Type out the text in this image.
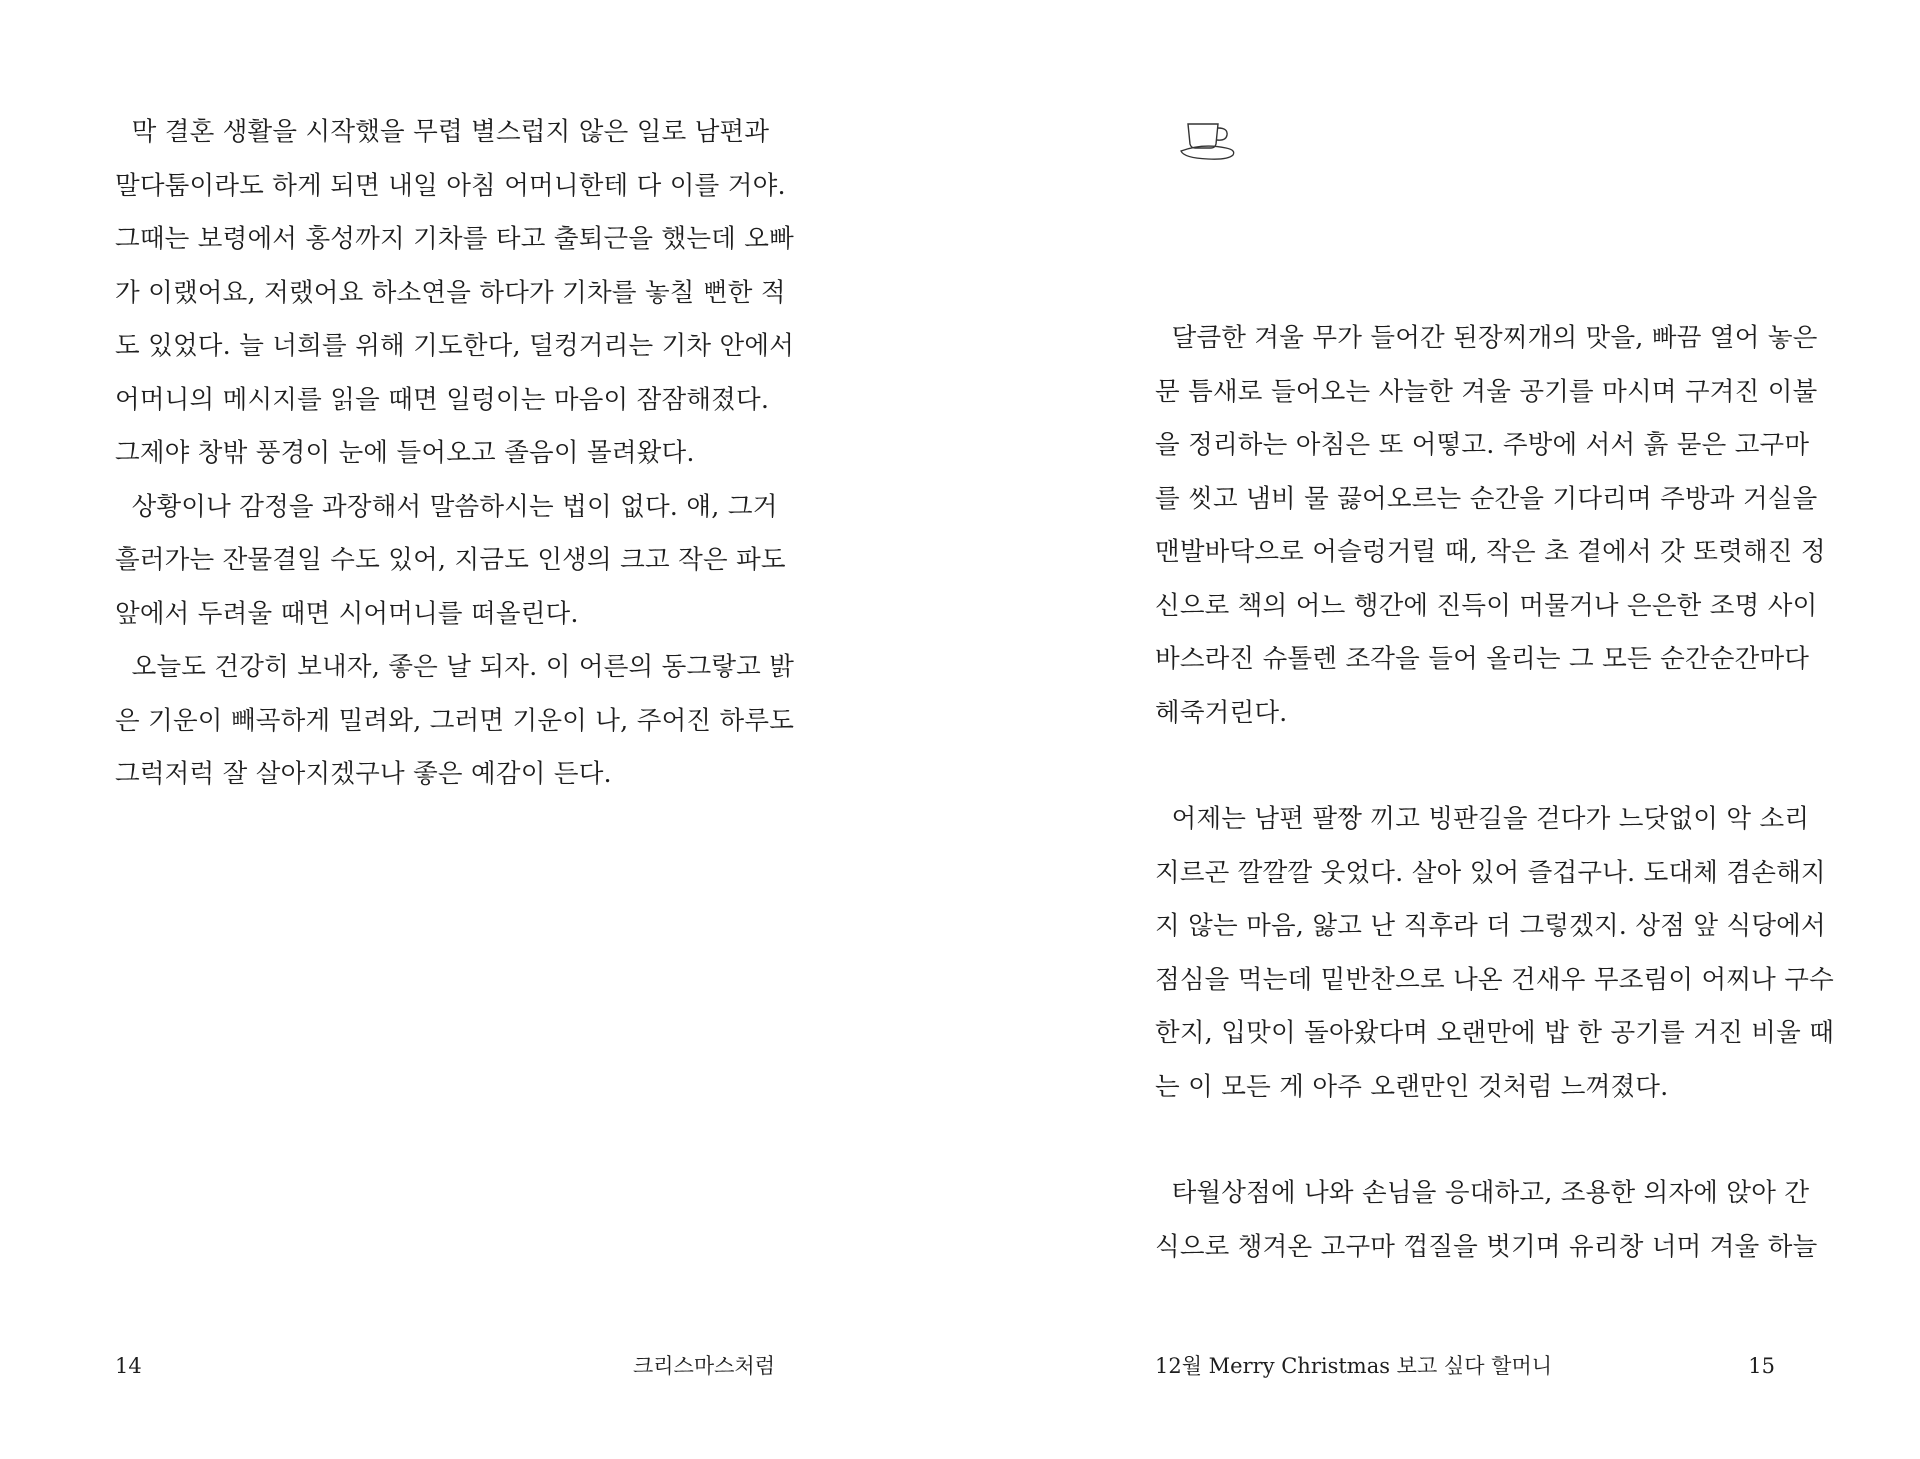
막 결혼 생활을 시작했을 무렵 별스럽지 않은 일로 남편과

말다툼이라도 하게 되면 내일 아침 어머니한테 다 이를 거야.

그때는 보령에서 홍성까지 기차를 타고 출퇴근을 했는데 오빠

가 이랬어요, 저랬어요 하소연을 하다가 기차를 놓칠 뻔한 적

도 있었다. 늘 너희를 위해 기도한다, 덜컹거리는 기차 안에서

어머니의 메시지를 읽을 때면 일렁이는 마음이 잠잠해졌다.

그제야 창밖 풍경이 눈에 들어오고 졸음이 몰려왔다.

상황이나 감정을 과장해서 말씀하시는 법이 없다. 얘, 그거

흘러가는 잔물결일 수도 있어, 지금도 인생의 크고 작은 파도

앞에서 두려울 때면 시어머니를 떠올린다.

오늘도 건강히 보내자, 좋은 날 되자. 이 어른의 동그랗고 밝

은 기운이 빼곡하게 밀려와, 그러면 기운이 나, 주어진 하루도

그럭저럭 잘 살아지겠구나 좋은 예감이 든다.

14	크리스마스처럼

달큼한 겨울 무가 들어간 된장찌개의 맛을, 빠끔 열어 놓은

문 틈새로 들어오는 사늘한 겨울 공기를 마시며 구겨진 이불

을 정리하는 아침은 또 어떻고. 주방에 서서 흙 묻은 고구마

를 씻고 냄비 물 끓어오르는 순간을 기다리며 주방과 거실을

맨발바닥으로 어슬렁거릴 때, 작은 초 곁에서 갓 또렷해진 정

신으로 책의 어느 행간에 진득이 머물거나 은은한 조명 사이

바스라진 슈톨렌 조각을 들어 올리는 그 모든 순간순간마다

헤죽거린다.

어제는 남편 팔짱 끼고 빙판길을 걷다가 느닷없이 악 소리

지르곤 깔깔깔 웃었다. 살아 있어 즐겁구나. 도대체 겸손해지

지 않는 마음, 앓고 난 직후라 더 그렇겠지. 상점 앞 식당에서

점심을 먹는데 밑반찬으로 나온 건새우 무조림이 어찌나 구수

한지, 입맛이 돌아왔다며 오랜만에 밥 한 공기를 거진 비울 때

는 이 모든 게 아주 오랜만인 것처럼 느껴졌다.

타월상점에 나와 손님을 응대하고, 조용한 의자에 앉아 간

식으로 챙겨온 고구마 껍질을 벗기며 유리창 너머 겨울 하늘

12월 Merry Christmas 보고 싶다 할머니	15
